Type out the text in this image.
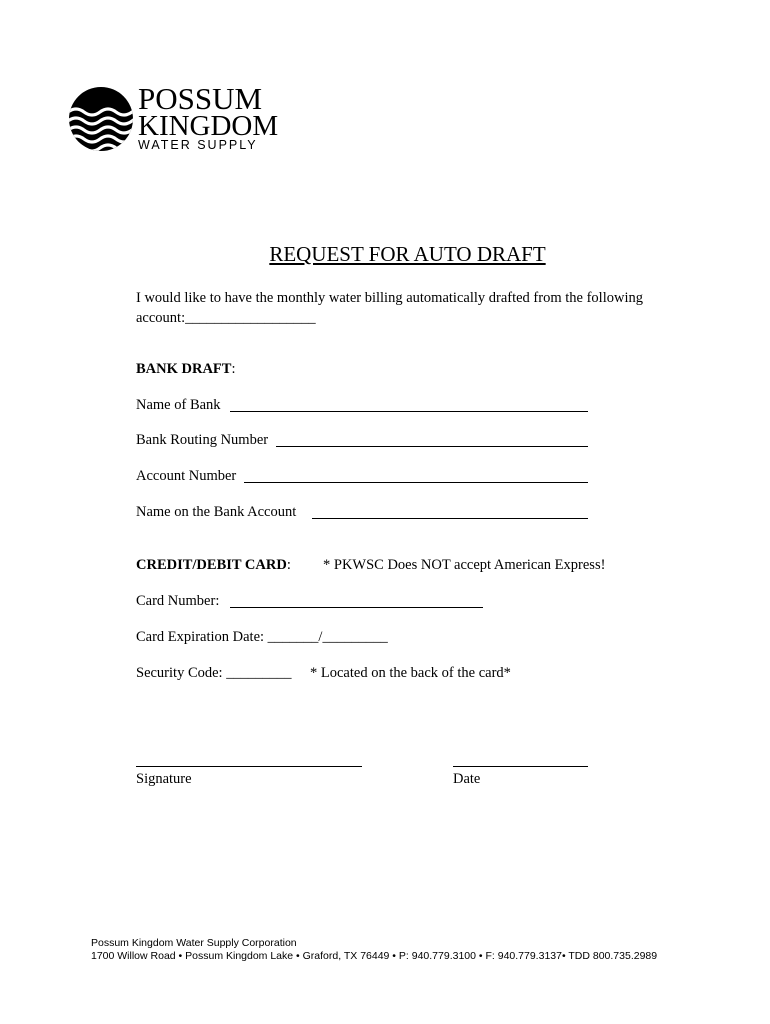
POSSUM
KINGDOM
WATER SUPPLY
REQUEST FOR AUTO DRAFT
I would like to have the monthly water billing automatically drafted from the following
account:__________________
BANK DRAFT:
Name of Bank
Bank Routing Number
Account Number
Name on the Bank Account
CREDIT/DEBIT CARD: * PKWSC Does NOT accept American Express!
Card Number:
Card Expiration Date: _______/_________
Security Code: _________ * Located on the back of the card*
Signature	Date
Possum Kingdom Water Supply Corporation
1700 Willow Road • Possum Kingdom Lake • Graford, TX 76449 • P: 940.779.3100 • F: 940.779.3137• TDD 800.735.2989
